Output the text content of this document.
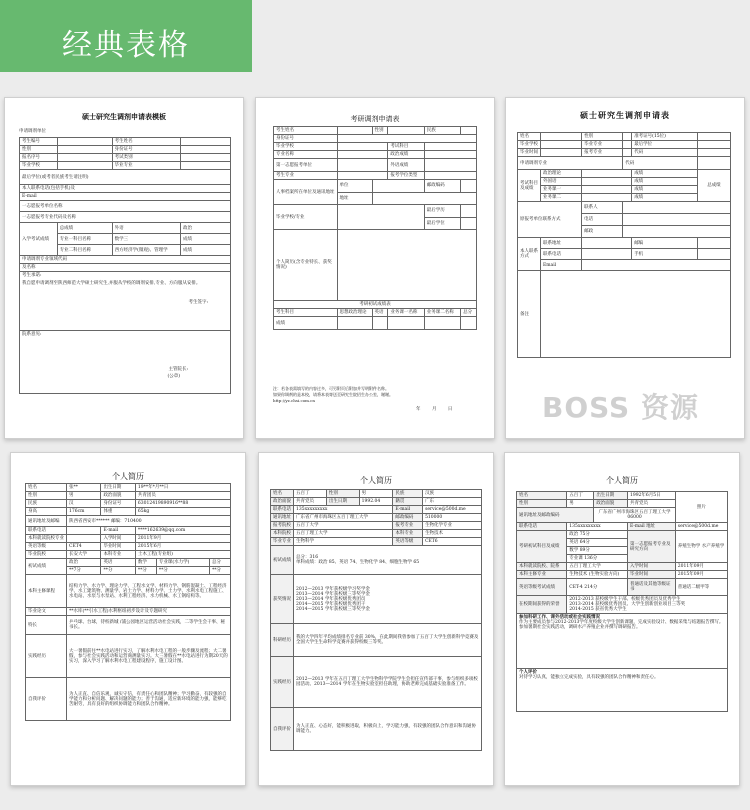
经典表格
硕士研究生调剂申请表模板
申请调剂单位
考生编号		考生姓名	
性别		身份证号	
报名序号		考试类别	
毕业学校		毕业专业	
最后学位(或考者民族考生请注明)			
本人联系电话(包括手机)及			
E-mail			
一志愿报考单位名称			
一志愿报考专业代码及名称			
入学考试成绩	总成绩	外语	政治
	专业一科目名称	数学三	成绩
	专业二科目名称	西方经济学(微观)、管理学	成绩
申请调剂专业领域代码			
及名称			

考生承诺:
我自愿申请调剂至陕西师范大学硕士研究生,并服从学校的调剂安排,专业、方向服从安排。
考生签字:			

院系意见:
主管院长:
(公章)			
考研调剂申请表
考生姓名		性别		民族	
身份证号					
毕业学校			考试科目		
专业名称			政治成绩		
第一志愿报考单位			外语成绩		
考生专业			报考学位类型		
人事档案所在单位及通讯地址	单位			邮政编码	
	地址				
毕业学校/专业				最后学历	
				最后学位	
个人简历(含专业特长、获奖情况)					
考研初试成绩表					
考生科目	思想政治理论	英语	业务课一名称	业务课二名称	总分
成绩					
注：若各表需填写的内容过多，可另附页后附加并写明附件名称。
如果你调剂的是本校，请将本表寄送至研究生院招生办公室，谢谢。
http://yz.chsi.com.cn
年	月	日
硕士研究生调剂申请表
姓名		性别		准考证号(15位)	
毕业学校		毕业专业		最后学位	
毕业时间		报考专业		代码	
申请调剂专业			代码		
考试科目及成绩	政治理论			成绩	总成绩
	外国语			成绩	
	业务课一			成绩	
	业务课二			成绩	
原报考单位联系方式		联系人			
		电话			
		邮政			
本人联系方式	联系地址			邮编	
	联系电话			手机	
	Email				
备注					
BOSS 资源
个人简历
姓名	张**	出生日期	19**年*月**日		
性别	男	政治面貌	共青团员		
民族	汉	身份证号	63012419890916**88		
身高	176cm	体重	65kg		
通讯地址及邮编	陕西省西安市****** 邮编：710400				
联系电话		E-mail	****162639@qq.com		
本科就读院校专业		入学时间	2011年9月		
英语等级	CET4	毕业时间	2015年6月		
毕业院校	长安大学	本科专业	土木工程(专业组)		
初试成绩	政治	英语	数学	专业课(水力学)	总分
	**7分	**分	**分	**分	**分
本科主修课程	结构力学、水力学、理论力学、工程水文学、材料力学、钢筋混凝土、工程经济学、水工建筑物、测量学、岩土力学、材料力学、土力学、水利水电工程施工、水电站、水泵与水泵站、水利工程经济、水力机械、水工钢结构等。				
毕业论文	**水库(**引水工程)水利枢纽初步设计及专题研究				
特长	乒乓球、台球，待校新城 /浦公园地区运营活动社会实践，二等学生会干事、秘书长。				
实践经历	大一暑假前往**水电站进行实习，了解水利水电工程的一般步骤及流程；大二暑假，参与社会实践活动和运营商测量实习。大三暑假在**水电站进行为期20天的实习，深入学习了解水利水电工程建设程序，施工设计图。				
自我评价	为人正直、自信乐观，诚实守信，有责任心和团队精神；学习勤奋，有较强的自学能力和分析问题、解决问题的能力；善于沟通，适应新环境的能力强，能够吃苦耐劳，具有良好的组织协调能力和团队合作精神。				
个人简历
姓名	五百丁	性别	男	民族	汉族
政治面貌	共青党员	出生日期	1992.04	籍贯	广东
联系电话	135xxxxxxxxx			E-mail	service@500d.me
通讯地址	广东省广州市海珠区五百丁理工大学			邮政编码	510000
报考院校	五百丁大学			报考专业	生物化学专业
本科院校	五百丁理工大学			本科专业	生物技术
毕业专业	生物科学			英语等级	CET6
初试成绩	总分：316
单科成绩：政治 85、英语 74、生物化学 84、细胞生物学 65				

获奖情况	2012—2013 学年获校级学习奖学金
2013—2014 学年获校级三等奖学金
2013—2014 学年获校级优秀团员
2014—2015 学年获校级优秀团干
2014—2015 学年获校级三等奖学金				

科研经历	我的大学四年平均成绩排名专业前 30%，在此期间我曾参加了五百丁大学生创新科学竞赛及全国大学生生命科学竞赛并获得校级三等奖。				
实践经历	2012—2013 学年在五百丁理工大学生物科学学院学生会担任宣传部干事，参与组织多项校园活动。2013—2014 学年在生物实验室担任助理，协助老师完成基础实验准备工作。				
自我评价	为人正直、心态好，能积极进取，积极向上，学习能力强，有较强的团队合作意识和沟通协调能力。				
个人简历
姓名	五百丁	出生日期	1992年6月5日	照片
性别	男	政治面貌	共青党员	
通讯地址及邮政编码		广东省广州市海珠区五百丁理工大学
06000		

联系电话	135xxxxxxxxx		E-mail 地址	service@500d.me
考研初试科目及成绩	政治 75分		第一志愿报考专业及研究方向	养殖生物学 水产养殖学
	英语 64分			
	数学 89分			
	专业课 136分			
本科就读院校、院系	五百丁理工大学		入学时间	2011年09月
本科主修专业	生物技术 (生物实验方向)		毕业时间	2015年09月
英语等级考试成绩	CET-4 214分		普通话及其他等级证书	普通话二级甲等
在校期间获得的荣誉	2012-2013 获校级学生干部、校级优秀团员及优秀学生
2013-2014 获校级优秀团员、大学生创新创业项目三等奖
2014-2015 获省优秀大学生			

参加科研工作、课外活动或社会实践情况
作为主要成员参与2012-2013学年度校级大学生创新课题，完成实验设计、数据采集与结题报告撰写。参加暑期社会实践活动，调研水产养殖企业并撰写调研报告。				

个人评价
对待学习认真，能独立完成实验，具有较强的团队合作精神和责任心。				
